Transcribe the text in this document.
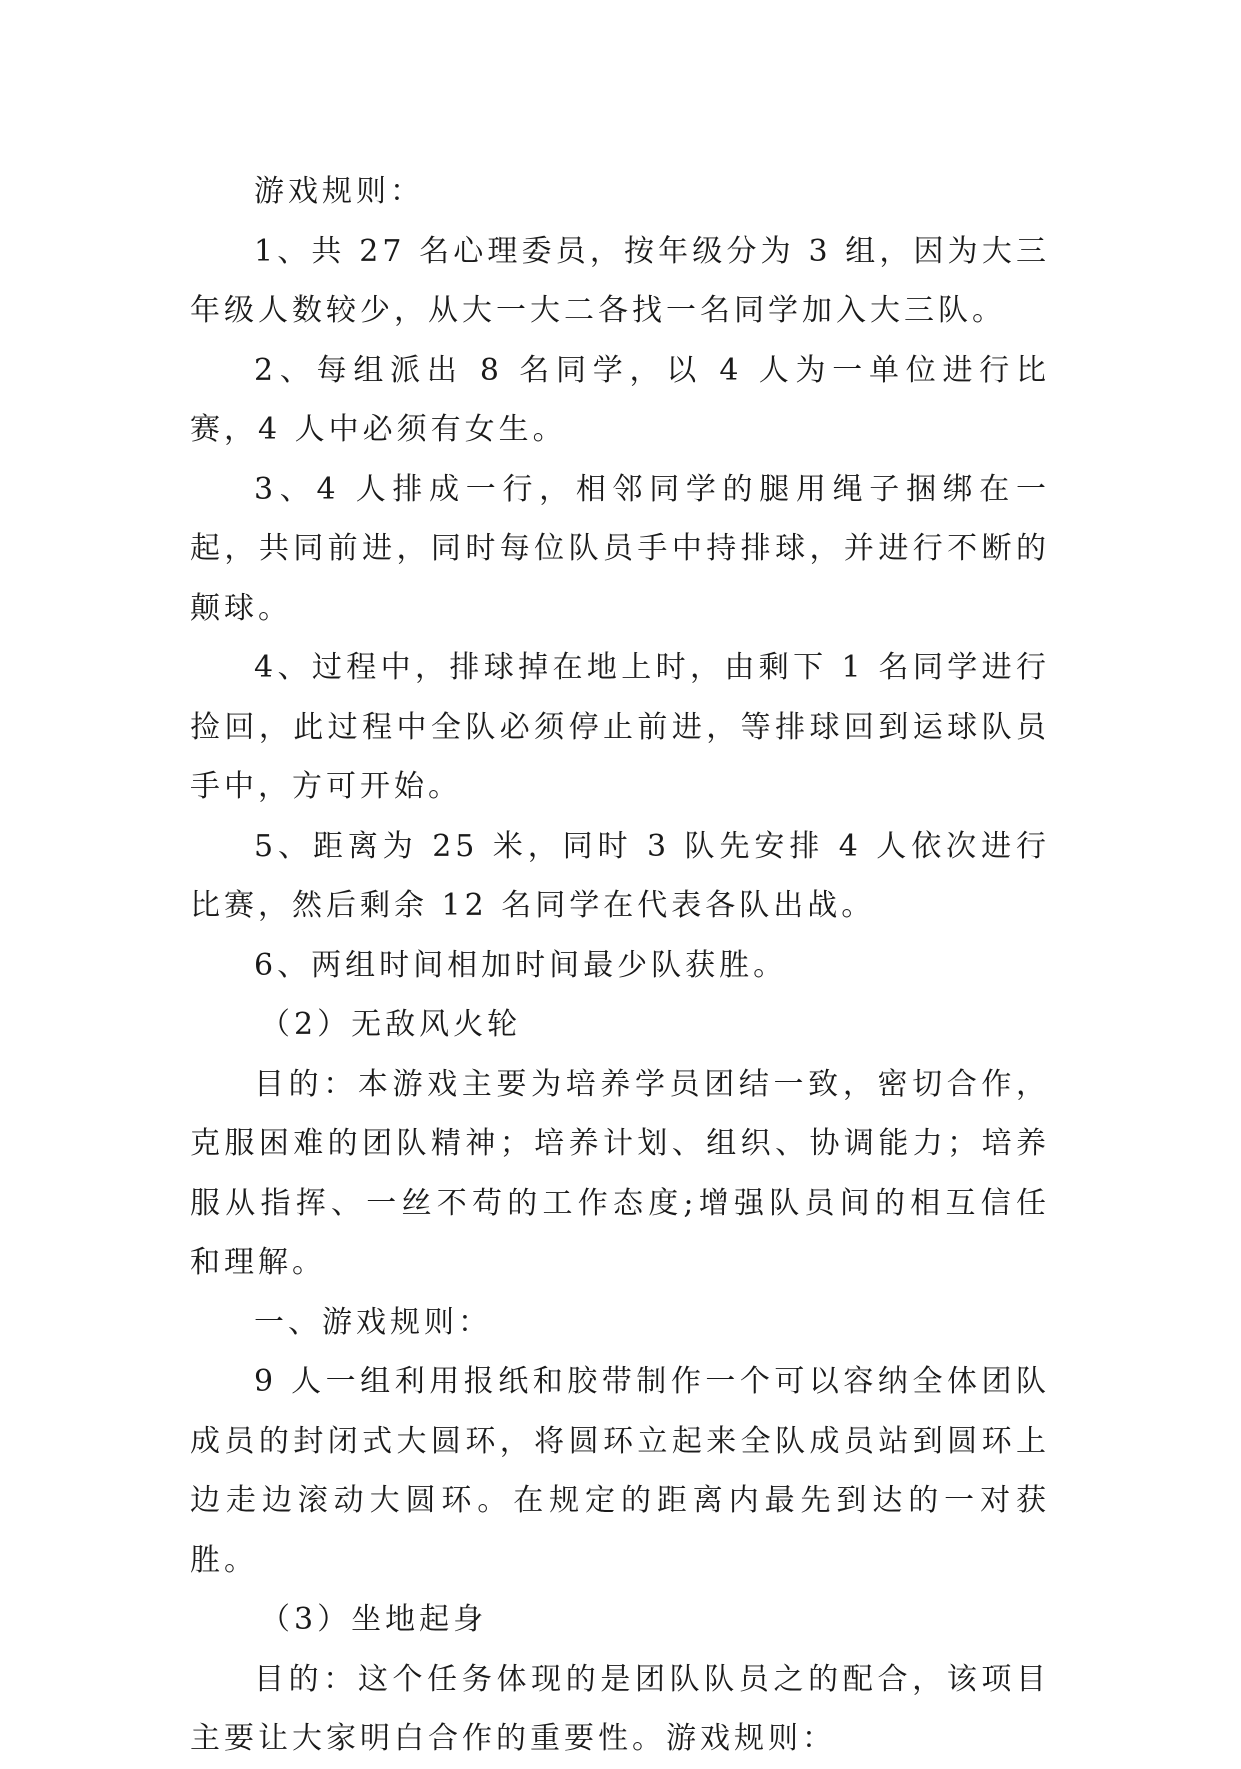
游戏规则：

1、共 27 名心理委员，按年级分为 3 组，因为大三年级人数较少，从大一大二各找一名同学加入大三队。

2、每组派出 8 名同学，以 4 人为一单位进行比赛，4 人中必须有女生。

3、4 人排成一行，相邻同学的腿用绳子捆绑在一起，共同前进，同时每位队员手中持排球，并进行不断的颠球。

4、过程中，排球掉在地上时，由剩下 1 名同学进行捡回，此过程中全队必须停止前进，等排球回到运球队员手中，方可开始。

5、距离为 25 米，同时 3 队先安排 4 人依次进行比赛，然后剩余 12 名同学在代表各队出战。

6、两组时间相加时间最少队获胜。

（2）无敌风火轮

目的：本游戏主要为培养学员团结一致，密切合作，克服困难的团队精神；培养计划、组织、协调能力；培养服从指挥、一丝不苟的工作态度;增强队员间的相互信任和理解。

一、游戏规则：

9 人一组利用报纸和胶带制作一个可以容纳全体团队成员的封闭式大圆环，将圆环立起来全队成员站到圆环上边走边滚动大圆环。在规定的距离内最先到达的一对获胜。

（3）坐地起身

目的：这个任务体现的是团队队员之的配合，该项目主要让大家明白合作的重要性。游戏规则：
